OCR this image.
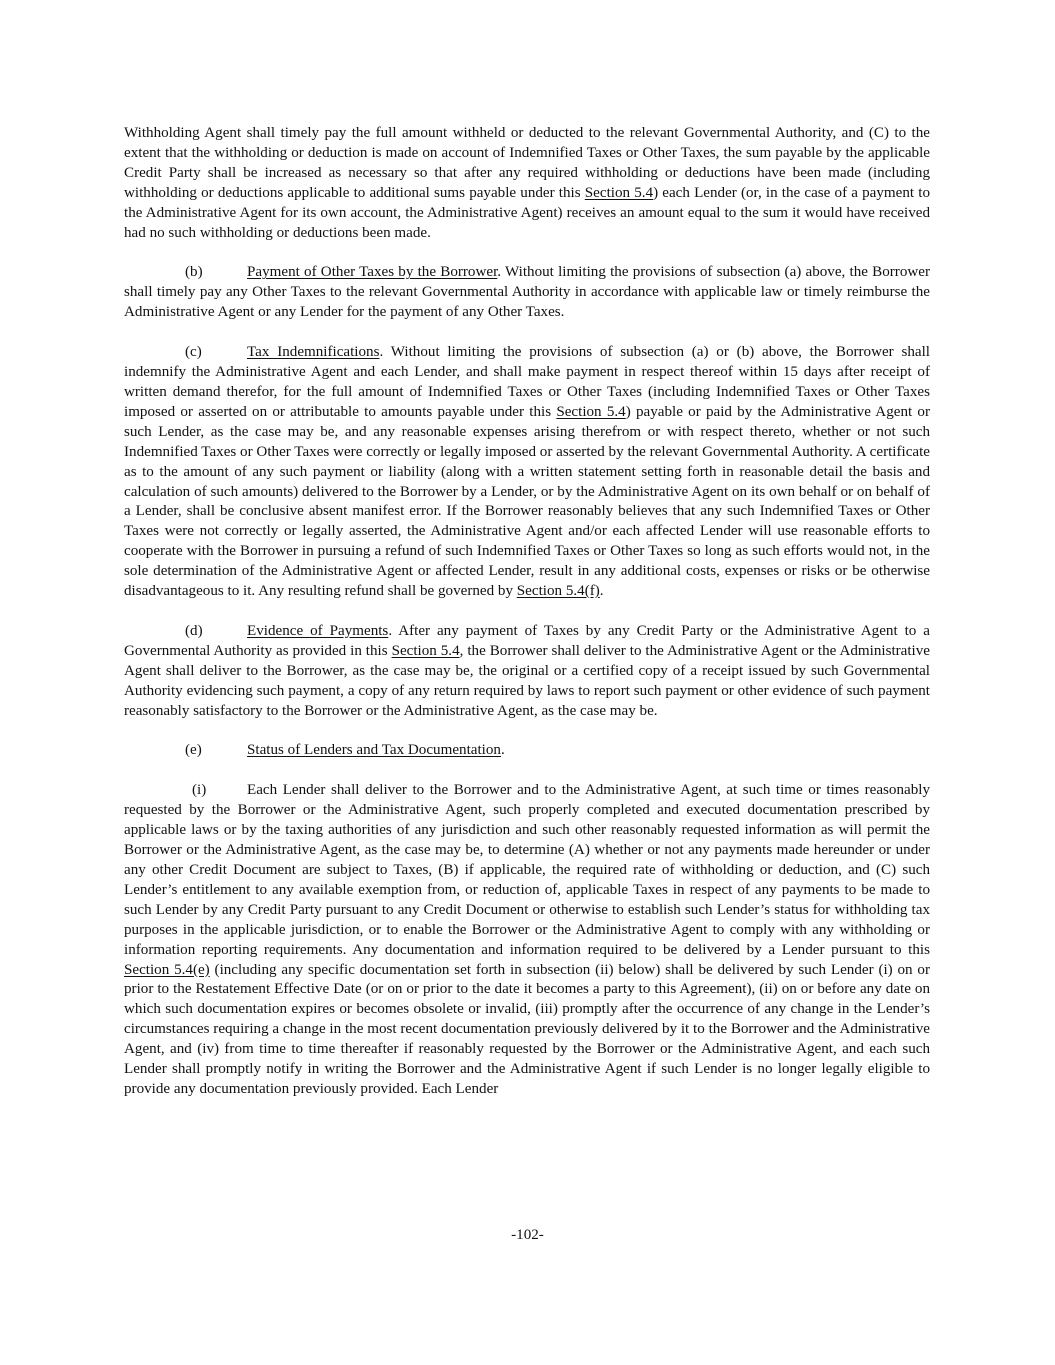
Withholding Agent shall timely pay the full amount withheld or deducted to the relevant Governmental Authority, and (C) to the extent that the withholding or deduction is made on account of Indemnified Taxes or Other Taxes, the sum payable by the applicable Credit Party shall be increased as necessary so that after any required withholding or deductions have been made (including withholding or deductions applicable to additional sums payable under this Section 5.4) each Lender (or, in the case of a payment to the Administrative Agent for its own account, the Administrative Agent) receives an amount equal to the sum it would have received had no such withholding or deductions been made.

(b)	Payment of Other Taxes by the Borrower. Without limiting the provisions of subsection (a) above, the Borrower shall timely pay any Other Taxes to the relevant Governmental Authority in accordance with applicable law or timely reimburse the Administrative Agent or any Lender for the payment of any Other Taxes.

(c)	Tax Indemnifications. Without limiting the provisions of subsection (a) or (b) above, the Borrower shall indemnify the Administrative Agent and each Lender, and shall make payment in respect thereof within 15 days after receipt of written demand therefor, for the full amount of Indemnified Taxes or Other Taxes (including Indemnified Taxes or Other Taxes imposed or asserted on or attributable to amounts payable under this Section 5.4) payable or paid by the Administrative Agent or such Lender, as the case may be, and any reasonable expenses arising therefrom or with respect thereto, whether or not such Indemnified Taxes or Other Taxes were correctly or legally imposed or asserted by the relevant Governmental Authority. A certificate as to the amount of any such payment or liability (along with a written statement setting forth in reasonable detail the basis and calculation of such amounts) delivered to the Borrower by a Lender, or by the Administrative Agent on its own behalf or on behalf of a Lender, shall be conclusive absent manifest error. If the Borrower reasonably believes that any such Indemnified Taxes or Other Taxes were not correctly or legally asserted, the Administrative Agent and/or each affected Lender will use reasonable efforts to cooperate with the Borrower in pursuing a refund of such Indemnified Taxes or Other Taxes so long as such efforts would not, in the sole determination of the Administrative Agent or affected Lender, result in any additional costs, expenses or risks or be otherwise disadvantageous to it. Any resulting refund shall be governed by Section 5.4(f).

(d)	Evidence of Payments. After any payment of Taxes by any Credit Party or the Administrative Agent to a Governmental Authority as provided in this Section 5.4, the Borrower shall deliver to the Administrative Agent or the Administrative Agent shall deliver to the Borrower, as the case may be, the original or a certified copy of a receipt issued by such Governmental Authority evidencing such payment, a copy of any return required by laws to report such payment or other evidence of such payment reasonably satisfactory to the Borrower or the Administrative Agent, as the case may be.

(e)	Status of Lenders and Tax Documentation.

(i)	Each Lender shall deliver to the Borrower and to the Administrative Agent, at such time or times reasonably requested by the Borrower or the Administrative Agent, such properly completed and executed documentation prescribed by applicable laws or by the taxing authorities of any jurisdiction and such other reasonably requested information as will permit the Borrower or the Administrative Agent, as the case may be, to determine (A) whether or not any payments made hereunder or under any other Credit Document are subject to Taxes, (B) if applicable, the required rate of withholding or deduction, and (C) such Lender’s entitlement to any available exemption from, or reduction of, applicable Taxes in respect of any payments to be made to such Lender by any Credit Party pursuant to any Credit Document or otherwise to establish such Lender’s status for withholding tax purposes in the applicable jurisdiction, or to enable the Borrower or the Administrative Agent to comply with any withholding or information reporting requirements. Any documentation and information required to be delivered by a Lender pursuant to this Section 5.4(e) (including any specific documentation set forth in subsection (ii) below) shall be delivered by such Lender (i) on or prior to the Restatement Effective Date (or on or prior to the date it becomes a party to this Agreement), (ii) on or before any date on which such documentation expires or becomes obsolete or invalid, (iii) promptly after the occurrence of any change in the Lender’s circumstances requiring a change in the most recent documentation previously delivered by it to the Borrower and the Administrative Agent, and (iv) from time to time thereafter if reasonably requested by the Borrower or the Administrative Agent, and each such Lender shall promptly notify in writing the Borrower and the Administrative Agent if such Lender is no longer legally eligible to provide any documentation previously provided. Each Lender

-102-
